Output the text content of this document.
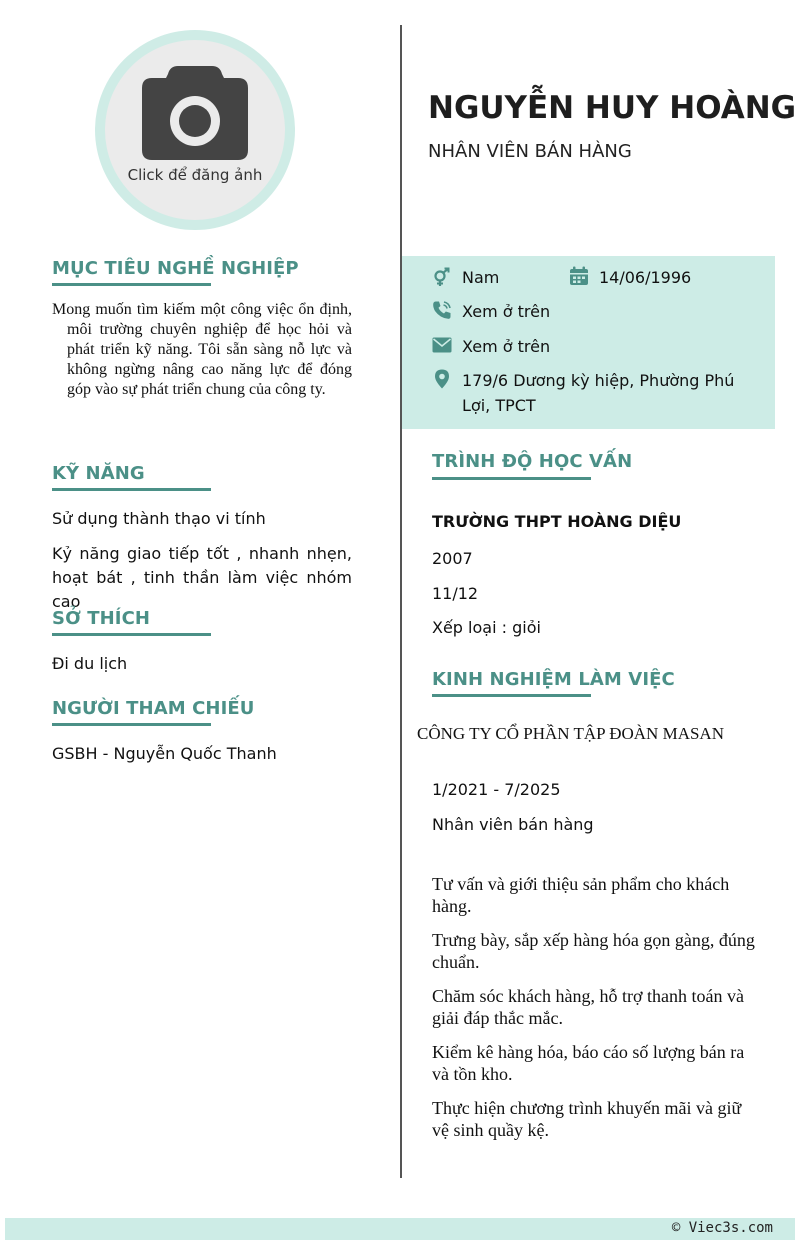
Click để đăng ảnh
MỤC TIÊU NGHỀ NGHIỆP
Mong muốn tìm kiếm một công việc ổn định, môi trường chuyên nghiệp để học hỏi và phát triển kỹ năng. Tôi sẵn sàng nỗ lực và không ngừng nâng cao năng lực để đóng góp vào sự phát triển chung của công ty.
KỸ NĂNG
Sử dụng thành thạo vi tính
Kỷ năng giao tiếp tốt , nhanh nhẹn, hoạt bát , tinh thần làm việc nhóm cao
SỞ THÍCH
Đi du lịch
NGƯỜI THAM CHIẾU
GSBH - Nguyễn Quốc Thanh
NGUYỄN HUY HOÀNG
NHÂN VIÊN BÁN HÀNG
Nam	14/06/1996
Xem ở trên
Xem ở trên
179/6 Dương kỳ hiệp, Phường Phú
Lợi, TPCT
TRÌNH ĐỘ HỌC VẤN
TRƯỜNG THPT HOÀNG DIỆU
2007
11/12
Xếp loại : giỏi
KINH NGHIỆM LÀM VIỆC
CÔNG TY CỔ PHẦN TẬP ĐOÀN MASAN
1/2021 - 7/2025
Nhân viên bán hàng
Tư vấn và giới thiệu sản phẩm cho khách hàng.
Trưng bày, sắp xếp hàng hóa gọn gàng, đúng chuẩn.
Chăm sóc khách hàng, hỗ trợ thanh toán và giải đáp thắc mắc.
Kiểm kê hàng hóa, báo cáo số lượng bán ra và tồn kho.
Thực hiện chương trình khuyến mãi và giữ vệ sinh quầy kệ.
© Viec3s.com
